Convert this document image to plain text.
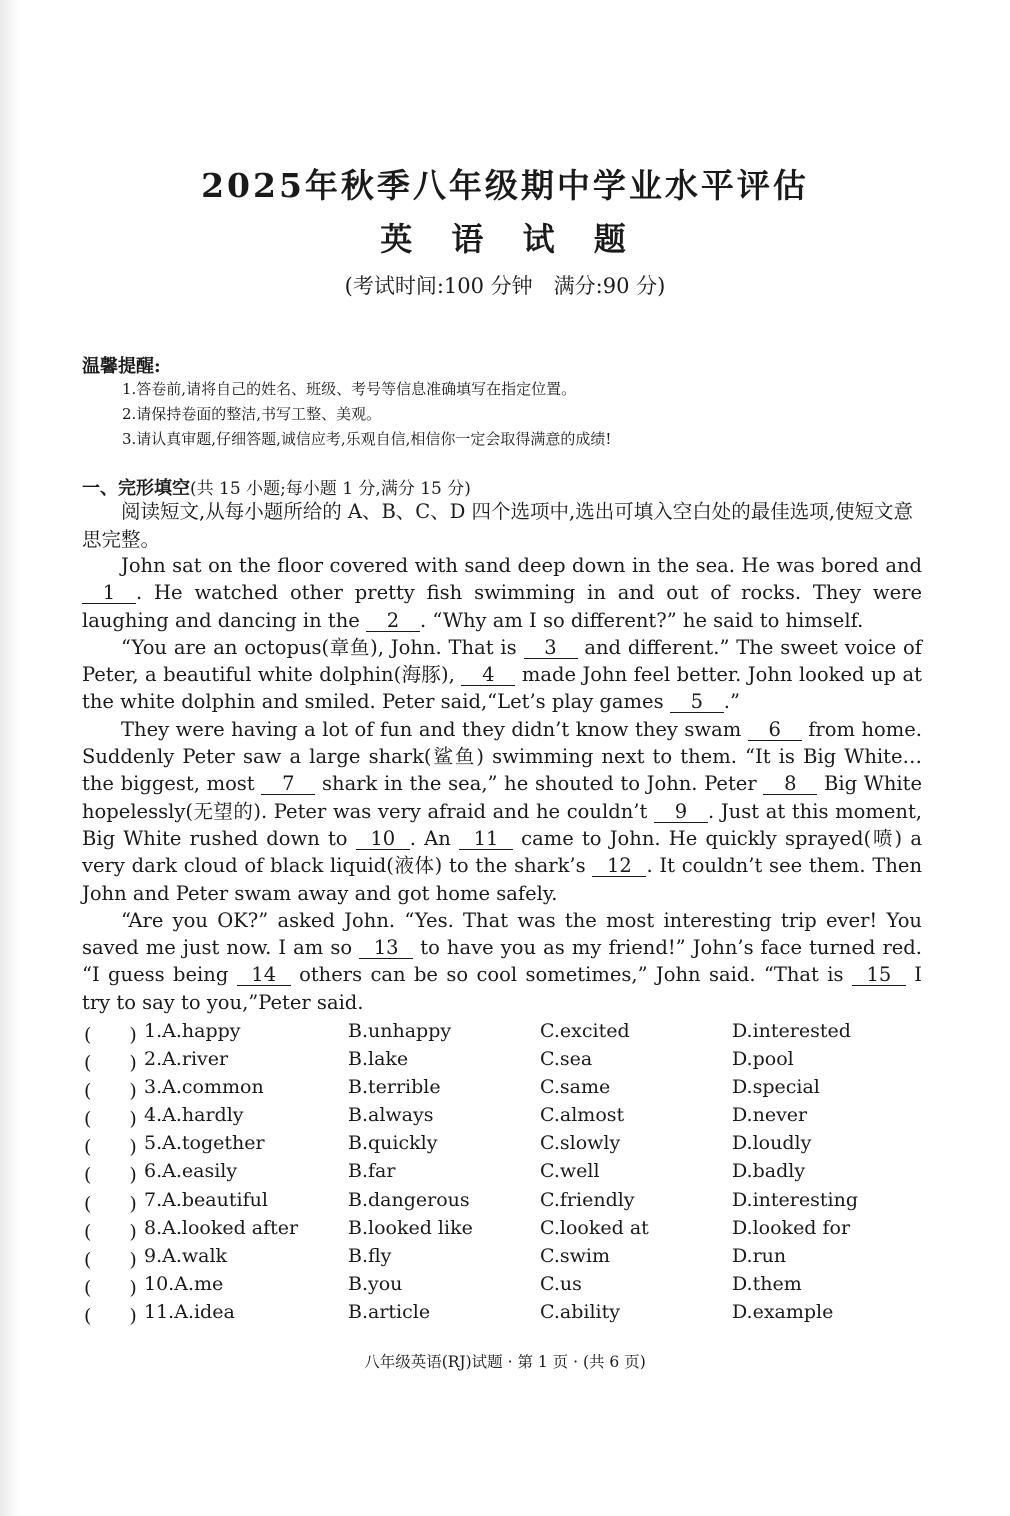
2025年秋季八年级期中学业水平评估
英 语 试 题
(考试时间:100 分钟　满分:90 分)
温馨提醒:
1.答卷前,请将自己的姓名、班级、考号等信息准确填写在指定位置。
2.请保持卷面的整洁,书写工整、美观。
3.请认真审题,仔细答题,诚信应考,乐观自信,相信你一定会取得满意的成绩!
一、完形填空(共 15 小题;每小题 1 分,满分 15 分)
阅读短文,从每小题所给的 A、B、C、D 四个选项中,选出可填入空白处的最佳选项,使短文意思完整。

John sat on the floor covered with sand deep down in the sea. He was bored and 1 . He watched other pretty fish swimming in and out of rocks. They were laughing and dancing in the 2 . “Why am I so different?” he said to himself.

“You are an octopus(章鱼), John. That is 3 and different.” The sweet voice of Peter, a beautiful white dolphin(海豚), 4 made John feel better. John looked up at the white dolphin and smiled. Peter said,“Let’s play games 5 .”

They were having a lot of fun and they didn’t know they swam 6 from home. Suddenly Peter saw a large shark(鲨鱼) swimming next to them. “It is Big White…the biggest, most 7 shark in the sea,” he shouted to John. Peter 8 Big White hopelessly(无望的). Peter was very afraid and he couldn’t 9 . Just at this moment, Big White rushed down to 10 . An 11 came to John. He quickly sprayed(喷) a very dark cloud of black liquid(液体) to the shark’s 12 . It couldn’t see them. Then John and Peter swam away and got home safely.

“Are you OK?” asked John. “Yes. That was the most interesting trip ever! You saved me just now. I am so 13 to have you as my friend!” John’s face turned red. “I guess being 14 others can be so cool sometimes,” John said. “That is 15 I try to say to you,”Peter said.

(　　) 1.A.happy	B.unhappy	C.excited	D.interested
(　　) 2.A.river	B.lake	C.sea	D.pool
(　　) 3.A.common	B.terrible	C.same	D.special
(　　) 4.A.hardly	B.always	C.almost	D.never
(　　) 5.A.together	B.quickly	C.slowly	D.loudly
(　　) 6.A.easily	B.far	C.well	D.badly
(　　) 7.A.beautiful	B.dangerous	C.friendly	D.interesting
(　　) 8.A.looked after	B.looked like	C.looked at	D.looked for
(　　) 9.A.walk	B.fly	C.swim	D.run
(　　) 10.A.me	B.you	C.us	D.them
(　　) 11.A.idea	B.article	C.ability	D.example
八年级英语(RJ)试题 · 第 1 页 · (共 6 页)
